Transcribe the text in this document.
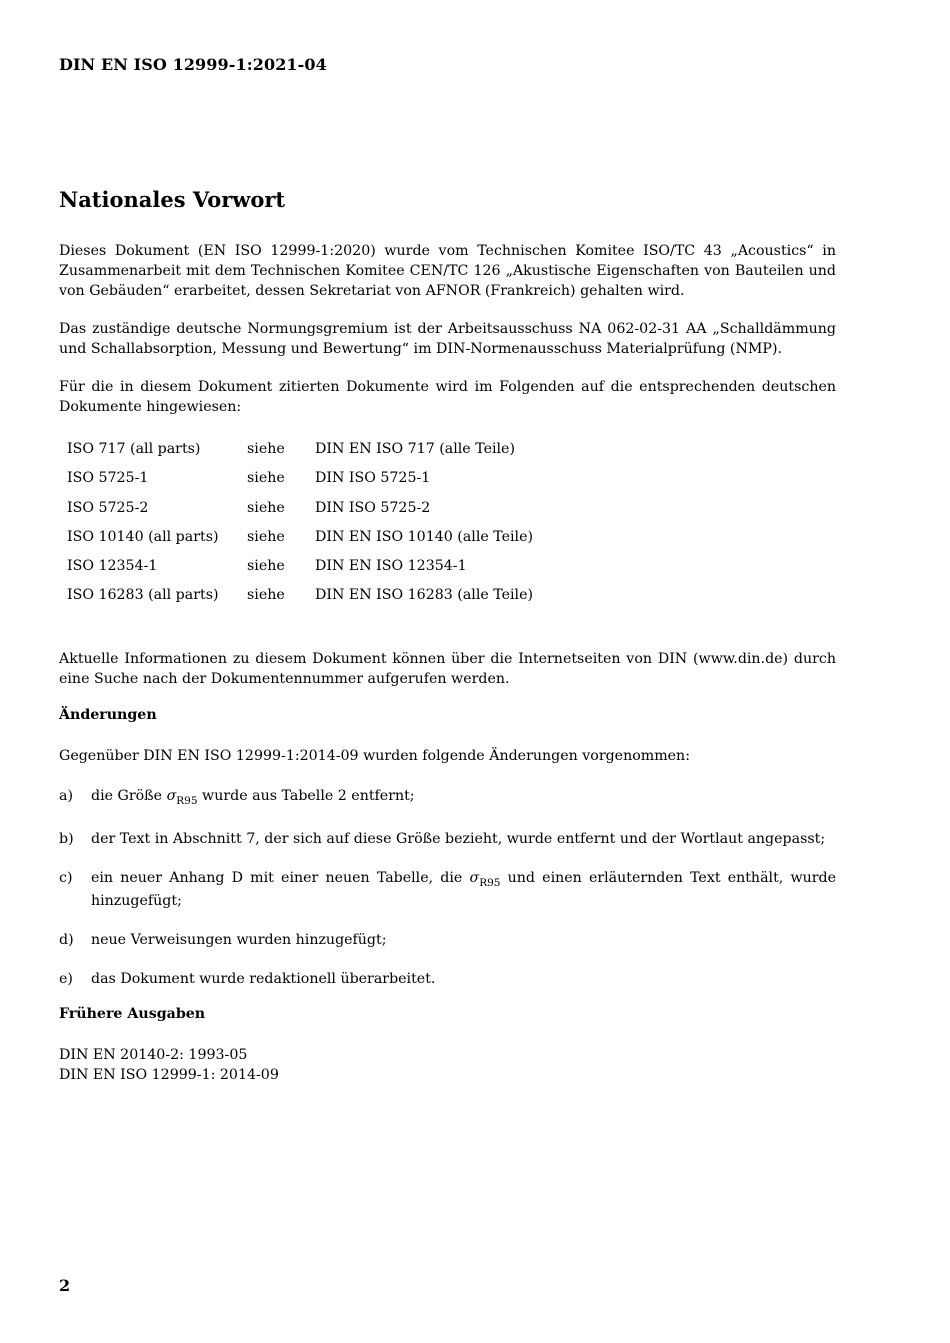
DIN EN ISO 12999-1:2021-04
Nationales Vorwort
Dieses Dokument (EN ISO 12999-1:2020) wurde vom Technischen Komitee ISO/TC 43 „Acoustics“ in Zusammenarbeit mit dem Technischen Komitee CEN/TC 126 „Akustische Eigenschaften von Bauteilen und von Gebäuden“ erarbeitet, dessen Sekretariat von AFNOR (Frankreich) gehalten wird.
Das zuständige deutsche Normungsgremium ist der Arbeitsausschuss NA 062-02-31 AA „Schalldämmung und Schallabsorption, Messung und Bewertung“ im DIN-Normenausschuss Materialprüfung (NMP).
Für die in diesem Dokument zitierten Dokumente wird im Folgenden auf die entsprechenden deutschen Dokumente hingewiesen:
ISO 717 (all parts)	siehe	DIN EN ISO 717 (alle Teile)
ISO 5725-1	siehe	DIN ISO 5725-1
ISO 5725-2	siehe	DIN ISO 5725-2
ISO 10140 (all parts)	siehe	DIN EN ISO 10140 (alle Teile)
ISO 12354-1	siehe	DIN EN ISO 12354-1
ISO 16283 (all parts)	siehe	DIN EN ISO 16283 (alle Teile)
Aktuelle Informationen zu diesem Dokument können über die Internetseiten von DIN (www.din.de) durch eine Suche nach der Dokumentennummer aufgerufen werden.
Änderungen
Gegenüber DIN EN ISO 12999-1:2014-09 wurden folgende Änderungen vorgenommen:
a)	die Größe $\sigma_{R95}$ wurde aus Tabelle 2 entfernt;
b)	der Text in Abschnitt 7, der sich auf diese Größe bezieht, wurde entfernt und der Wortlaut angepasst;
c)	ein neuer Anhang D mit einer neuen Tabelle, die $\sigma_{R95}$ und einen erläuternden Text enthält, wurde hinzugefügt;
d)	neue Verweisungen wurden hinzugefügt;
e)	das Dokument wurde redaktionell überarbeitet.
Frühere Ausgaben
DIN EN 20140-2: 1993-05
DIN EN ISO 12999-1: 2014-09
2
